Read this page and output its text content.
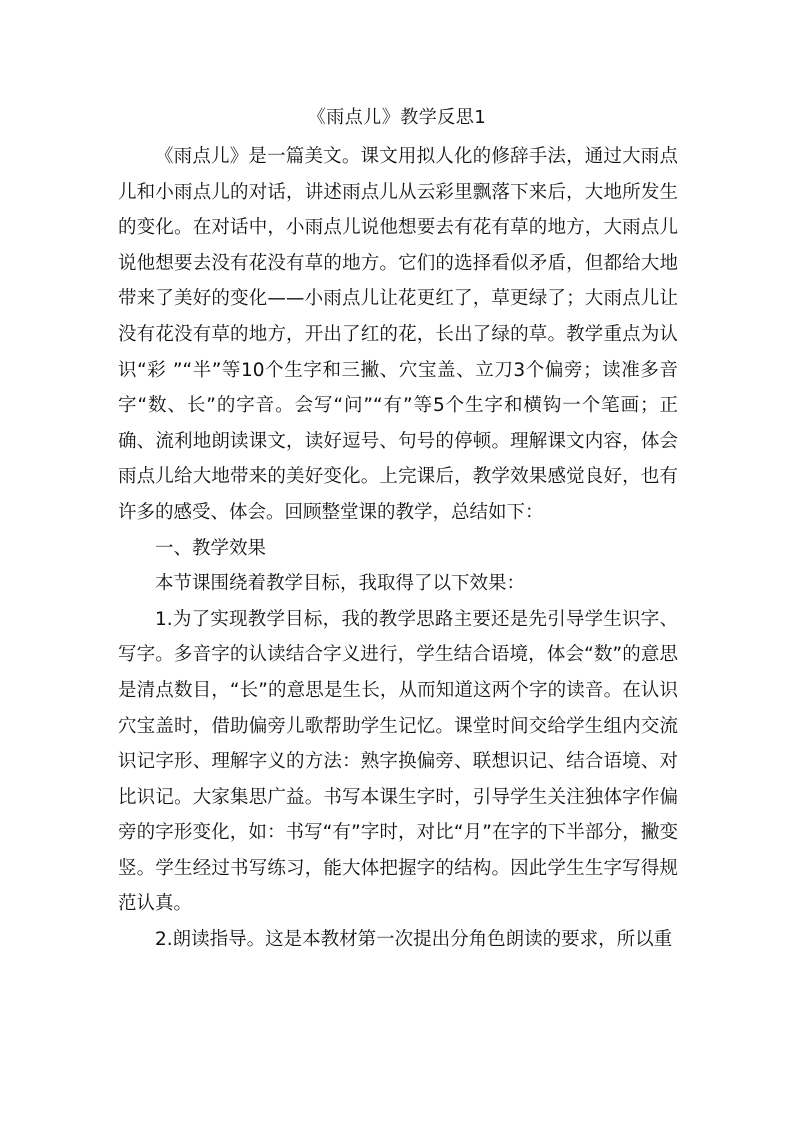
《雨点儿》教学反思1

《雨点儿》是一篇美文。课文用拟人化的修辞手法，通过大雨点儿和小雨点儿的对话，讲述雨点儿从云彩里飘落下来后，大地所发生的变化。在对话中，小雨点儿说他想要去有花有草的地方，大雨点儿说他想要去没有花没有草的地方。它们的选择看似矛盾，但都给大地带来了美好的变化——小雨点儿让花更红了，草更绿了；大雨点儿让没有花没有草的地方，开出了红的花，长出了绿的草。教学重点为认识“彩 ”“半”等10个生字和三撇、穴宝盖、立刀3个偏旁；读准多音字“数、长”的字音。会写“问”“有”等5个生字和横钩一个笔画；正确、流利地朗读课文，读好逗号、句号的停顿。理解课文内容，体会雨点儿给大地带来的美好变化。上完课后，教学效果感觉良好，也有许多的感受、体会。回顾整堂课的教学，总结如下：

一、教学效果

本节课围绕着教学目标，我取得了以下效果：

1.为了实现教学目标，我的教学思路主要还是先引导学生识字、写字。多音字的认读结合字义进行，学生结合语境，体会“数”的意思是清点数目，“长”的意思是生长，从而知道这两个字的读音。在认识穴宝盖时，借助偏旁儿歌帮助学生记忆。课堂时间交给学生组内交流识记字形、理解字义的方法：熟字换偏旁、联想识记、结合语境、对比识记。大家集思广益。书写本课生字时，引导学生关注独体字作偏旁的字形变化，如：书写“有”字时，对比“月”在字的下半部分，撇变竖。学生经过书写练习，能大体把握字的结构。因此学生生字写得规范认真。

2.朗读指导。这是本教材第一次提出分角色朗读的要求，所以重
